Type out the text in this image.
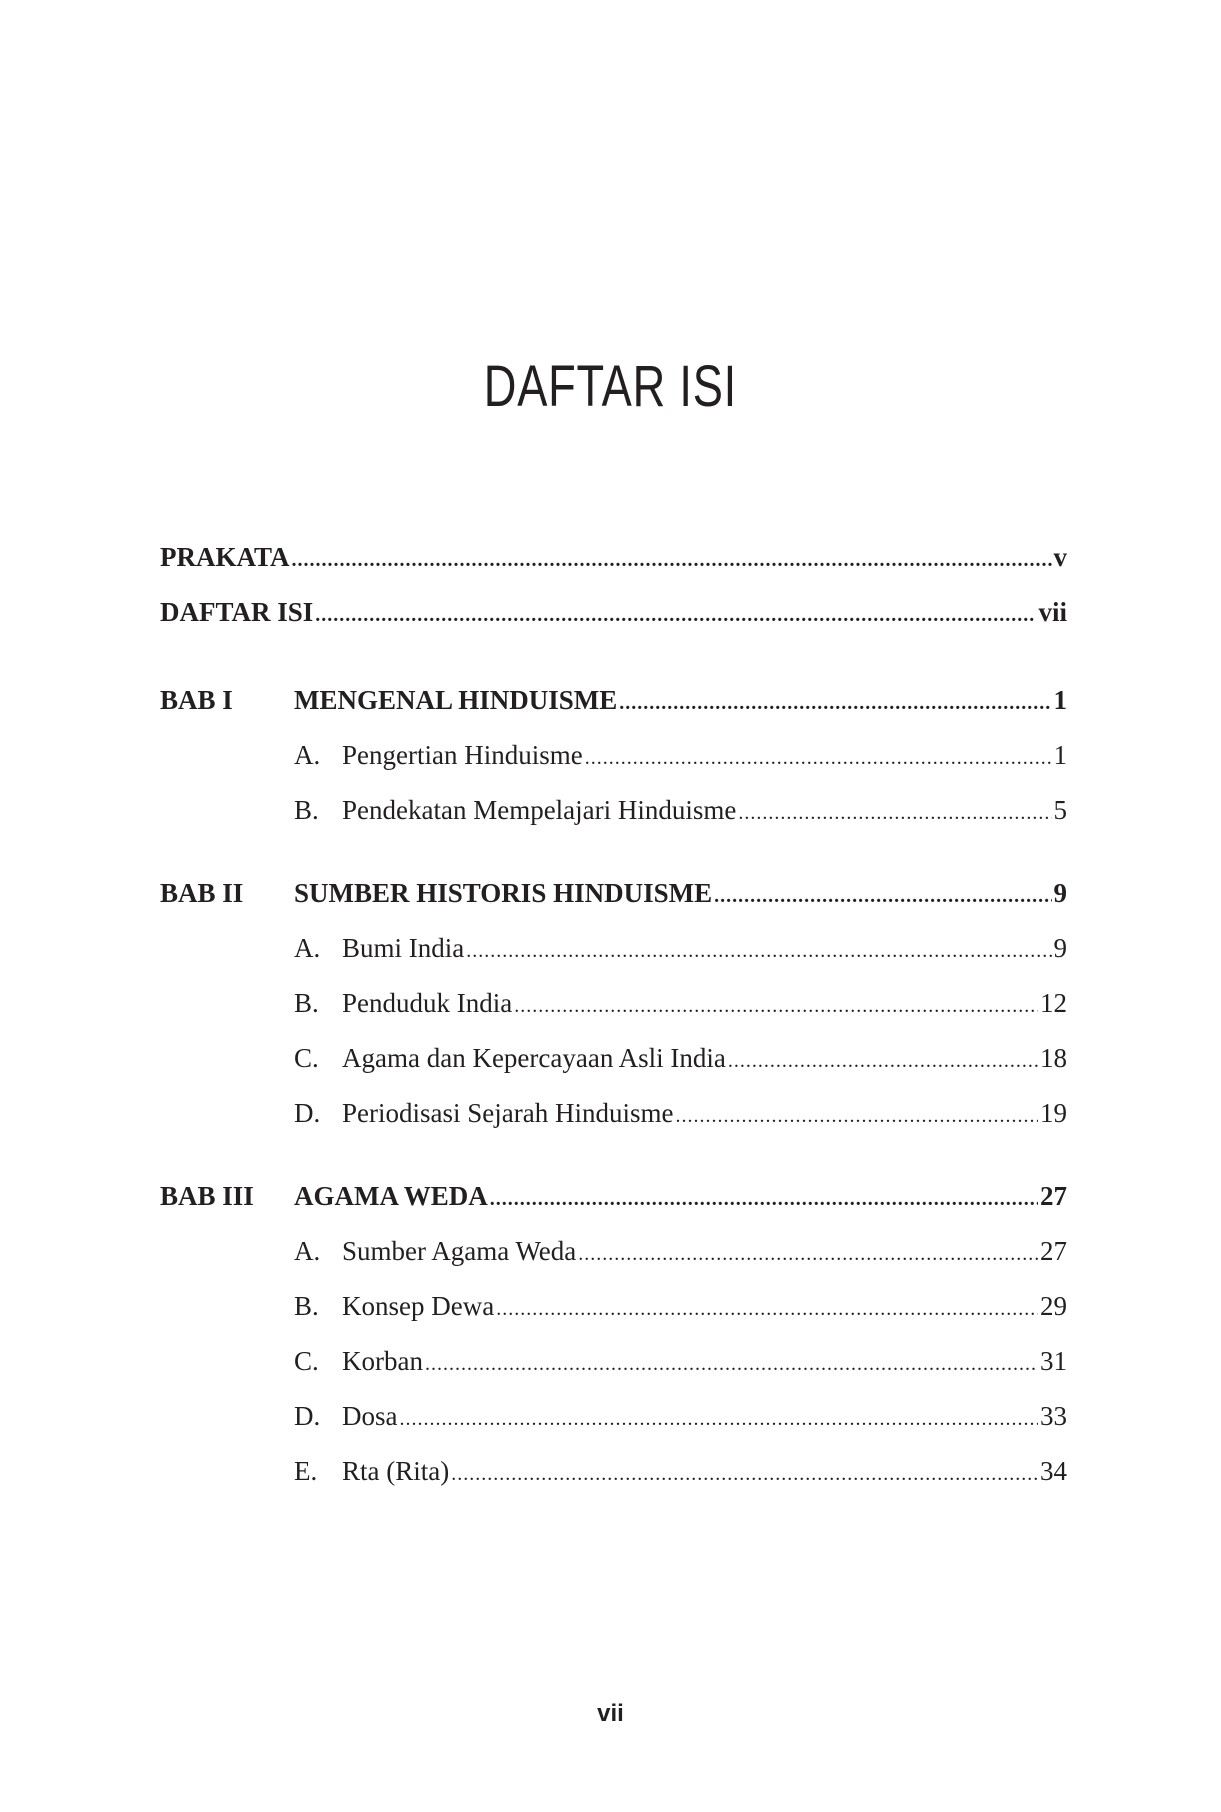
DAFTAR ISI
PRAKATA .....	v
DAFTAR ISI .....	vii
BAB I MENGENAL HINDUISME .....	1
A. Pengertian Hinduisme .....	1
B. Pendekatan Mempelajari Hinduisme .....	5
BAB II SUMBER HISTORIS HINDUISME .....	9
A. Bumi India .....	9
B. Penduduk India .....	12
C. Agama dan Kepercayaan Asli India .....	18
D. Periodisasi Sejarah Hinduisme .....	19
BAB III AGAMA WEDA .....	27
A. Sumber Agama Weda .....	27
B. Konsep Dewa .....	29
C. Korban .....	31
D. Dosa .....	33
E. Rta (Rita) .....	34
vii
